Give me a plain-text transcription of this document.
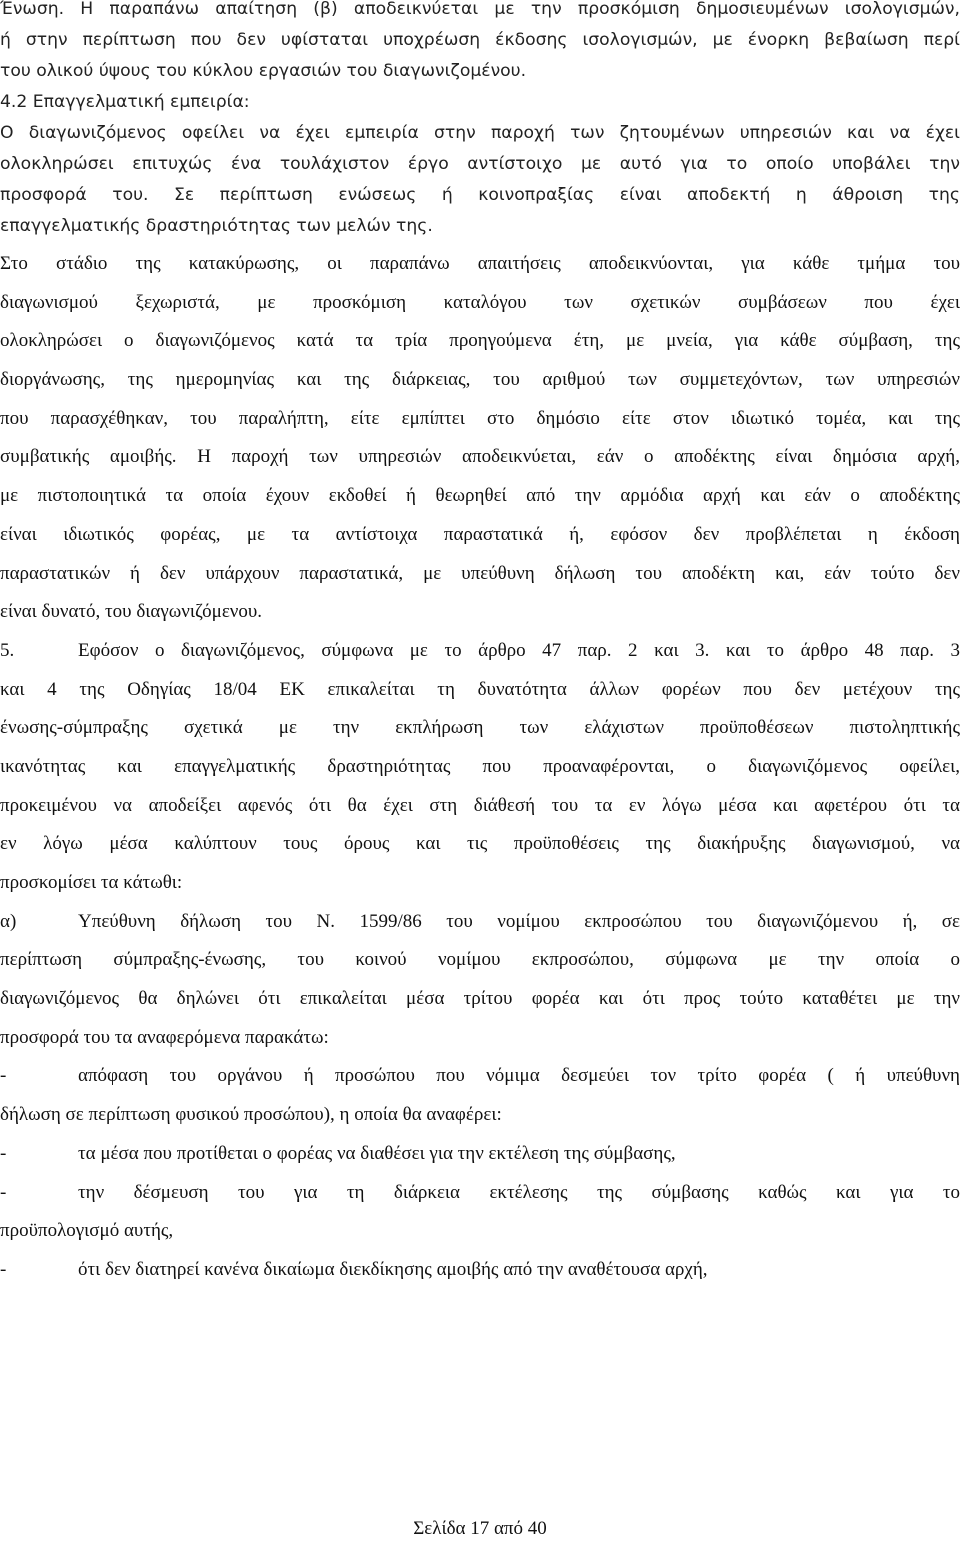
Ένωση. Η παραπάνω απαίτηση (β) αποδεικνύεται με την προσκόμιση δημοσιευμένων ισολογισμών,
ή στην περίπτωση που δεν υφίσταται υποχρέωση έκδοσης ισολογισμών, με ένορκη βεβαίωση περί
του ολικού ύψους του κύκλου εργασιών του διαγωνιζομένου.
4.2 Επαγγελματική εμπειρία:
Ο διαγωνιζόμενος οφείλει να έχει εμπειρία στην παροχή των ζητουμένων υπηρεσιών και να έχει
ολοκληρώσει επιτυχώς ένα τουλάχιστον έργο αντίστοιχο με αυτό για το οποίο υποβάλει την
προσφορά του. Σε περίπτωση ενώσεως ή κοινοπραξίας είναι αποδεκτή η άθροιση της
επαγγελματικής δραστηριότητας των μελών της.
Στο στάδιο της κατακύρωσης, οι παραπάνω απαιτήσεις αποδεικνύονται, για κάθε τμήμα του
διαγωνισμού ξεχωριστά, με προσκόμιση καταλόγου των σχετικών συμβάσεων που έχει
ολοκληρώσει ο διαγωνιζόμενος κατά τα τρία προηγούμενα έτη, με μνεία, για κάθε σύμβαση, της
διοργάνωσης, της ημερομηνίας και της διάρκειας, του αριθμού των συμμετεχόντων, των υπηρεσιών
που παρασχέθηκαν, του παραλήπτη, είτε εμπίπτει στο δημόσιο είτε στον ιδιωτικό τομέα, και της
συμβατικής αμοιβής. Η παροχή των υπηρεσιών αποδεικνύεται, εάν ο αποδέκτης είναι δημόσια αρχή,
με πιστοποιητικά τα οποία έχουν εκδοθεί ή θεωρηθεί από την αρμόδια αρχή και εάν ο αποδέκτης
είναι ιδιωτικός φορέας, με τα αντίστοιχα παραστατικά ή, εφόσον δεν προβλέπεται η έκδοση
παραστατικών ή δεν υπάρχουν παραστατικά, με υπεύθυνη δήλωση του αποδέκτη και, εάν τούτο δεν
είναι δυνατό, του διαγωνιζόμενου.
5.	Εφόσον ο διαγωνιζόμενος, σύμφωνα με το άρθρο 47 παρ. 2 και 3. και το άρθρο 48 παρ. 3
και 4 της Οδηγίας 18/04 ΕΚ επικαλείται τη δυνατότητα άλλων φορέων που δεν μετέχουν της
ένωσης-σύμπραξης σχετικά με την εκπλήρωση των ελάχιστων προϋποθέσεων πιστοληπτικής
ικανότητας και επαγγελματικής δραστηριότητας που προαναφέρονται, ο διαγωνιζόμενος οφείλει,
προκειμένου να αποδείξει αφενός ότι θα έχει στη διάθεσή του τα εν λόγω μέσα και αφετέρου ότι τα
εν λόγω μέσα καλύπτουν τους όρους και τις προϋποθέσεις της διακήρυξης διαγωνισμού, να
προσκομίσει τα κάτωθι:
α)	Υπεύθυνη δήλωση του Ν. 1599/86 του νομίμου εκπροσώπου του διαγωνιζόμενου ή, σε
περίπτωση σύμπραξης-ένωσης, του κοινού νομίμου εκπροσώπου, σύμφωνα με την οποία ο
διαγωνιζόμενος θα δηλώνει ότι επικαλείται μέσα τρίτου φορέα και ότι προς τούτο καταθέτει με την
προσφορά του τα αναφερόμενα παρακάτω:
-	απόφαση του οργάνου ή προσώπου που νόμιμα δεσμεύει τον τρίτο φορέα ( ή υπεύθυνη
δήλωση σε περίπτωση φυσικού προσώπου), η οποία θα αναφέρει:
-	τα μέσα που προτίθεται ο φορέας να διαθέσει για την εκτέλεση της σύμβασης,
-	την δέσμευση του για τη διάρκεια εκτέλεσης της σύμβασης καθώς και για το
προϋπολογισμό αυτής,
-	ότι δεν διατηρεί κανένα δικαίωμα διεκδίκησης αμοιβής από την αναθέτουσα αρχή,
Σελίδα 17 από 40
